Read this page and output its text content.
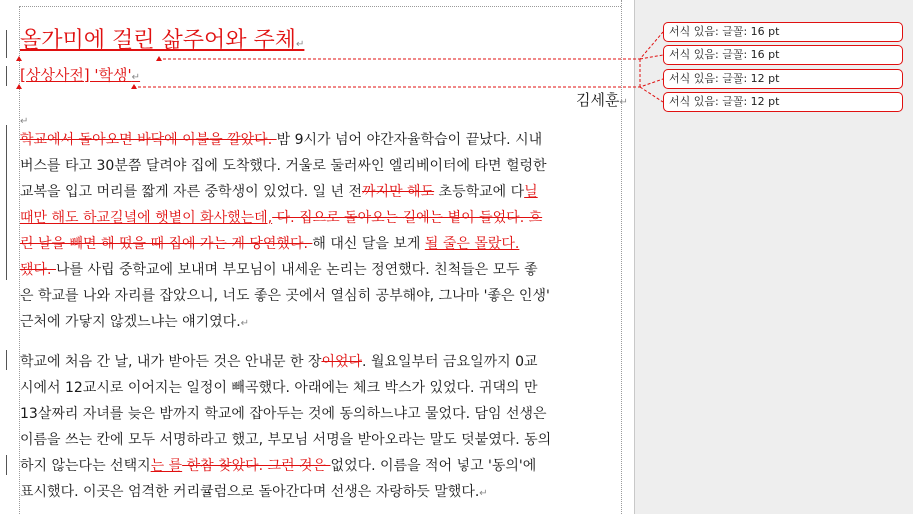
올가미에 걸린 삶주어와 주체↵
[상상사전] '학생'↵
김세훈↵
↵
학교에서 돌아오면 바닥에 이불을 깔았다. 밤 9시가 넘어 야간자율학습이 끝났다. 시내
버스를 타고 30분쯤 달려야 집에 도착했다. 거울로 둘러싸인 엘리베이터에 타면 헐렁한
교복을 입고 머리를 짧게 자른 중학생이 있었다. 일 년 전까지만 해도 초등학교에 다닐
때만 해도 하교길녘에 햇볕이 화사했는데, 다. 집으로 돌아오는 길에는 볕이 들었다. 흐
린 날을 빼면 해 떴을 때 집에 가는 게 당연했다. 해 대신 달을 보게 될 줄은 몰랐다.
됐다. 나를 사립 중학교에 보내며 부모님이 내세운 논리는 정연했다. 친척들은 모두 좋
은 학교를 나와 자리를 잡았으니, 너도 좋은 곳에서 열심히 공부해야, 그나마 '좋은 인생'
근처에 가닿지 않겠느냐는 얘기였다.↵
학교에 처음 간 날, 내가 받아든 것은 안내문 한 장이었다. 월요일부터 금요일까지 0교
시에서 12교시로 이어지는 일정이 빼곡했다. 아래에는 체크 박스가 있었다. 귀댁의 만
13살짜리 자녀를 늦은 밤까지 학교에 잡아두는 것에 동의하느냐고 물었다. 담임 선생은
이름을 쓰는 칸에 모두 서명하라고 했고, 부모님 서명을 받아오라는 말도 덧붙였다. 동의
하지 않는다는 선택지는 를 한참 찾았다. 그런 것은 없었다. 이름을 적어 넣고 '동의'에
표시했다. 이곳은 엄격한 커리큘럼으로 돌아간다며 선생은 자랑하듯 말했다.↵
서식 있음: 글꼴: 16 pt
서식 있음: 글꼴: 16 pt
서식 있음: 글꼴: 12 pt
서식 있음: 글꼴: 12 pt
